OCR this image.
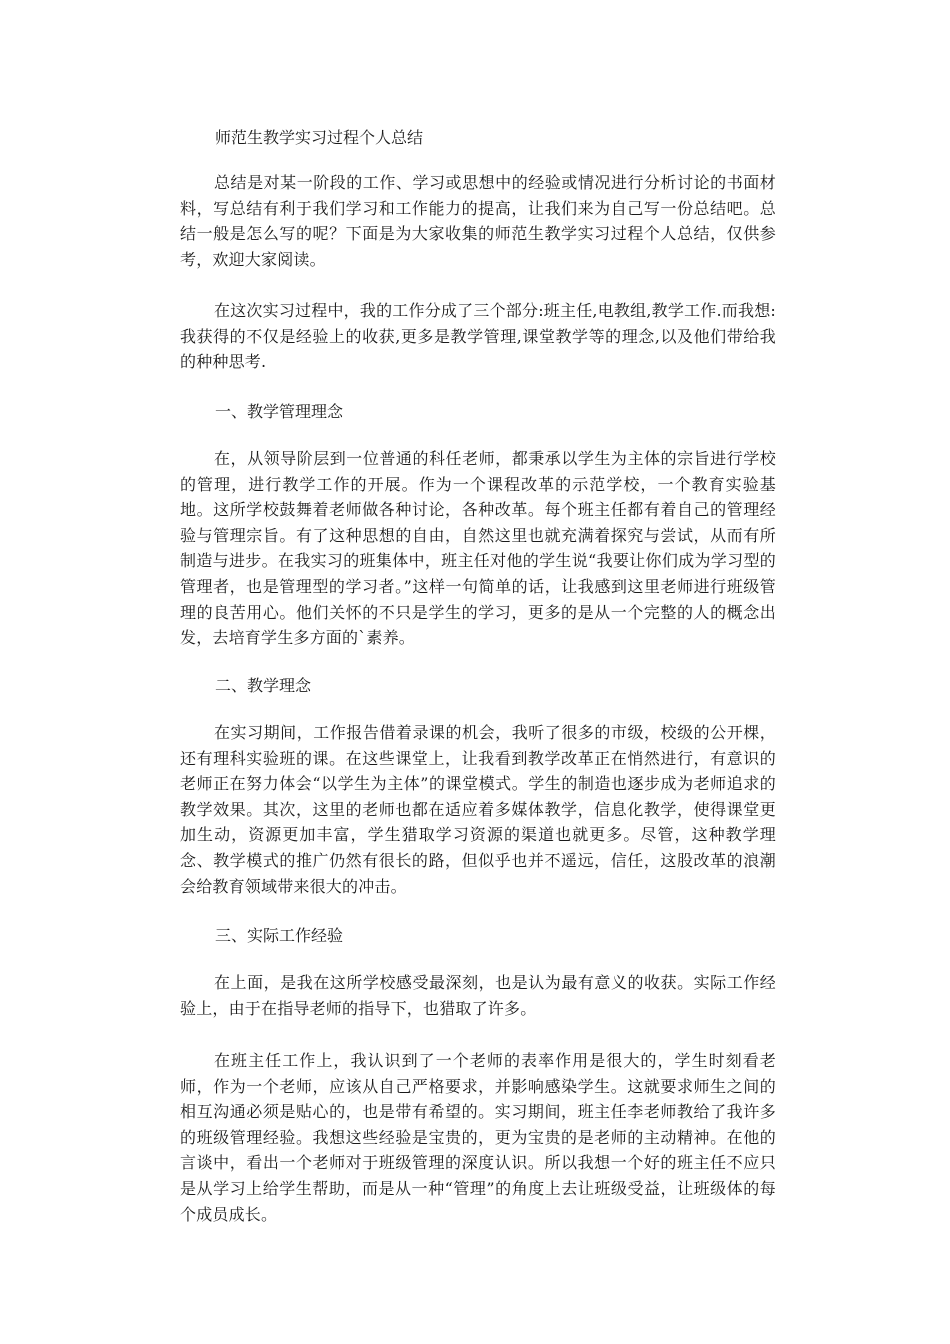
师范生教学实习过程个人总结

总结是对某一阶段的工作、学习或思想中的经验或情况进行分析讨论的书面材料，写总结有利于我们学习和工作能力的提高，让我们来为自己写一份总结吧。总结一般是怎么写的呢？下面是为大家收集的师范生教学实习过程个人总结，仅供参考，欢迎大家阅读。

在这次实习过程中，我的工作分成了三个部分:班主任,电教组,教学工作.而我想:我获得的不仅是经验上的收获,更多是教学管理,课堂教学等的理念,以及他们带给我的种种思考.

一、教学管理理念

在，从领导阶层到一位普通的科任老师，都秉承以学生为主体的宗旨进行学校的管理，进行教学工作的开展。作为一个课程改革的示范学校，一个教育实验基地。这所学校鼓舞着老师做各种讨论，各种改革。每个班主任都有着自己的管理经验与管理宗旨。有了这种思想的自由，自然这里也就充满着探究与尝试，从而有所制造与进步。在我实习的班集体中，班主任对他的学生说“我要让你们成为学习型的管理者，也是管理型的学习者。”这样一句简单的话，让我感到这里老师进行班级管理的良苦用心。他们关怀的不只是学生的学习，更多的是从一个完整的人的概念出发，去培育学生多方面的`素养。

二、教学理念

在实习期间，工作报告借着录课的机会，我听了很多的市级，校级的公开棵，还有理科实验班的课。在这些课堂上，让我看到教学改革正在悄然进行，有意识的老师正在努力体会“以学生为主体”的课堂模式。学生的制造也逐步成为老师追求的教学效果。其次，这里的老师也都在适应着多媒体教学，信息化教学，使得课堂更加生动，资源更加丰富，学生猎取学习资源的渠道也就更多。尽管，这种教学理念、教学模式的推广仍然有很长的路，但似乎也并不遥远，信任，这股改革的浪潮会给教育领域带来很大的冲击。

三、实际工作经验

在上面，是我在这所学校感受最深刻，也是认为最有意义的收获。实际工作经验上，由于在指导老师的指导下，也猎取了许多。

在班主任工作上，我认识到了一个老师的表率作用是很大的，学生时刻看老师，作为一个老师，应该从自己严格要求，并影响感染学生。这就要求师生之间的相互沟通必须是贴心的，也是带有希望的。实习期间，班主任李老师教给了我许多的班级管理经验。我想这些经验是宝贵的，更为宝贵的是老师的主动精神。在他的言谈中，看出一个老师对于班级管理的深度认识。所以我想一个好的班主任不应只是从学习上给学生帮助，而是从一种“管理”的角度上去让班级受益，让班级体的每个成员成长。
